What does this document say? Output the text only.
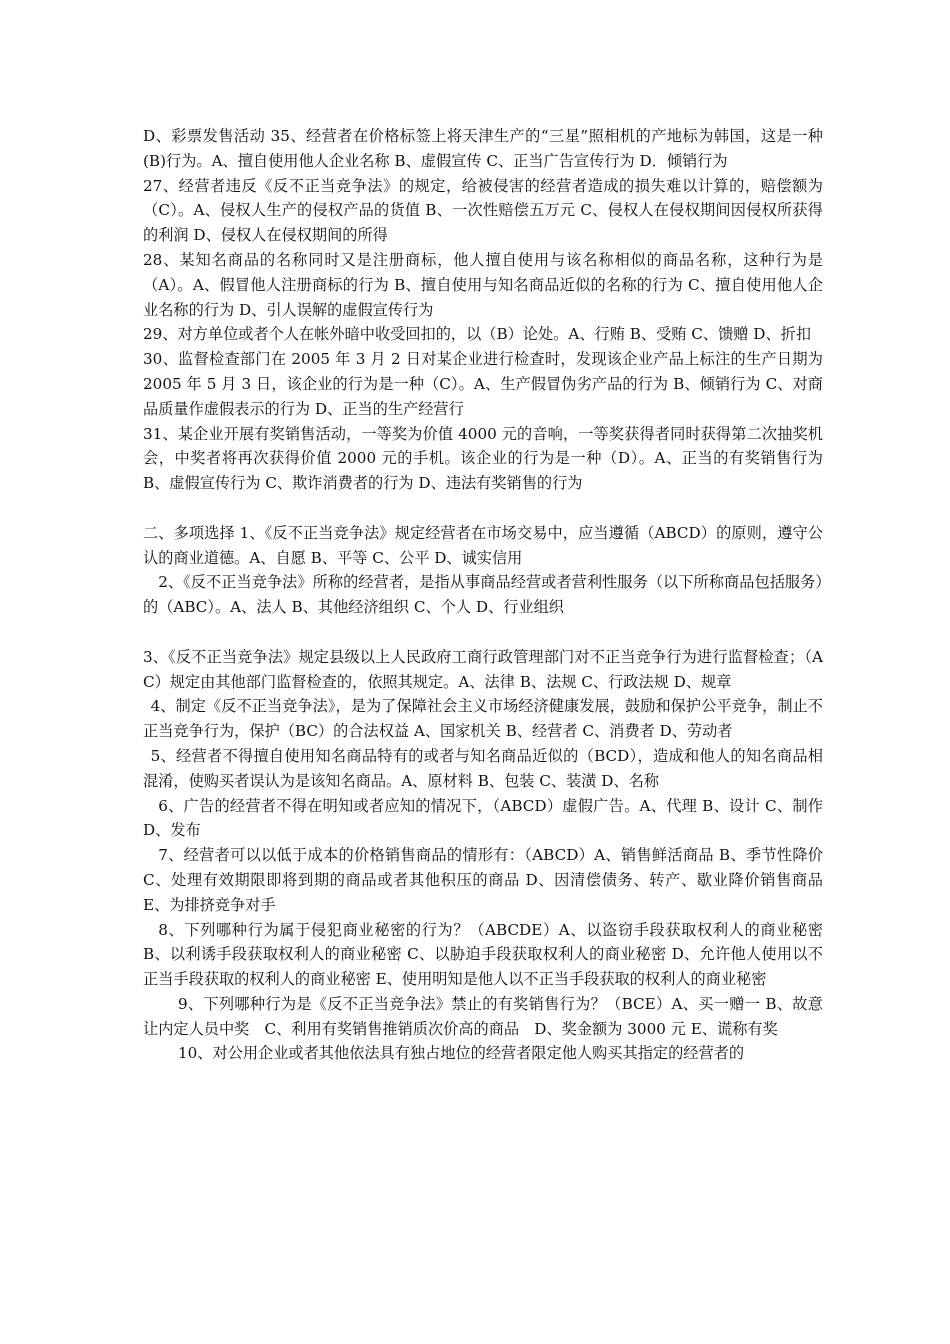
D、彩票发售活动 35、经营者在价格标签上将天津生产的“三星”照相机的产地标为韩国，这是一种(B)行为。A、擅自使用他人企业名称 B、虚假宣传 C、正当广告宣传行为 D．倾销行为

27、经营者违反《反不正当竞争法》的规定，给被侵害的经营者造成的损失难以计算的，赔偿额为（C）。A、侵权人生产的侵权产品的货值 B、一次性赔偿五万元 C、侵权人在侵权期间因侵权所获得的利润 D、侵权人在侵权期间的所得

28、某知名商品的名称同时又是注册商标，他人擅自使用与该名称相似的商品名称，这种行为是（A）。A、假冒他人注册商标的行为 B、擅自使用与知名商品近似的名称的行为 C、擅自使用他人企业名称的行为 D、引人误解的虚假宣传行为

29、对方单位或者个人在帐外暗中收受回扣的，以（B）论处。A、行贿 B、受贿 C、馈赠 D、折扣

30、监督检查部门在 2005 年 3 月 2 日对某企业进行检查时，发现该企业产品上标注的生产日期为 2005 年 5 月 3 日，该企业的行为是一种（C）。A、生产假冒伪劣产品的行为 B、倾销行为 C、对商品质量作虚假表示的行为 D、正当的生产经营行

31、某企业开展有奖销售活动，一等奖为价值 4000 元的音响，一等奖获得者同时获得第二次抽奖机会，中奖者将再次获得价值 2000 元的手机。该企业的行为是一种（D）。A、正当的有奖销售行为 B、虚假宣传行为 C、欺诈消费者的行为 D、违法有奖销售的行为

二、多项选择 1、《反不正当竞争法》规定经营者在市场交易中，应当遵循（ABCD）的原则，遵守公认的商业道德。A、自愿 B、平等 C、公平 D、诚实信用

2、《反不正当竞争法》所称的经营者，是指从事商品经营或者营利性服务（以下所称商品包括服务）的（ABC）。A、法人 B、其他经济组织 C、个人 D、行业组织

3、《反不正当竞争法》规定县级以上人民政府工商行政管理部门对不正当竞争行为进行监督检查；（AC）规定由其他部门监督检查的，依照其规定。A、法律 B、法规 C、行政法规 D、规章

4、制定《反不正当竞争法》，是为了保障社会主义市场经济健康发展，鼓励和保护公平竞争，制止不正当竞争行为，保护（BC）的合法权益 A、国家机关 B、经营者 C、消费者 D、劳动者

5、经营者不得擅自使用知名商品特有的或者与知名商品近似的（BCD），造成和他人的知名商品相混淆，使购买者误认为是该知名商品。A、原材料 B、包装 C、装潢 D、名称

6、广告的经营者不得在明知或者应知的情况下，（ABCD）虚假广告。A、代理 B、设计 C、制作 D、发布

7、经营者可以以低于成本的价格销售商品的情形有：（ABCD）A、销售鲜活商品 B、季节性降价 C、处理有效期限即将到期的商品或者其他积压的商品 D、因清偿债务、转产、歇业降价销售商品 E、为排挤竞争对手

8、下列哪种行为属于侵犯商业秘密的行为？（ABCDE）A、以盗窃手段获取权利人的商业秘密 B、以利诱手段获取权利人的商业秘密 C、以胁迫手段获取权利人的商业秘密 D、允许他人使用以不正当手段获取的权利人的商业秘密 E、使用明知是他人以不正当手段获取的权利人的商业秘密

9、下列哪种行为是《反不正当竞争法》禁止的有奖销售行为？（BCE）A、买一赠一 B、故意让内定人员中奖　C、利用有奖销售推销质次价高的商品　D、奖金额为 3000 元 E、谎称有奖

10、对公用企业或者其他依法具有独占地位的经营者限定他人购买其指定的经营者的
